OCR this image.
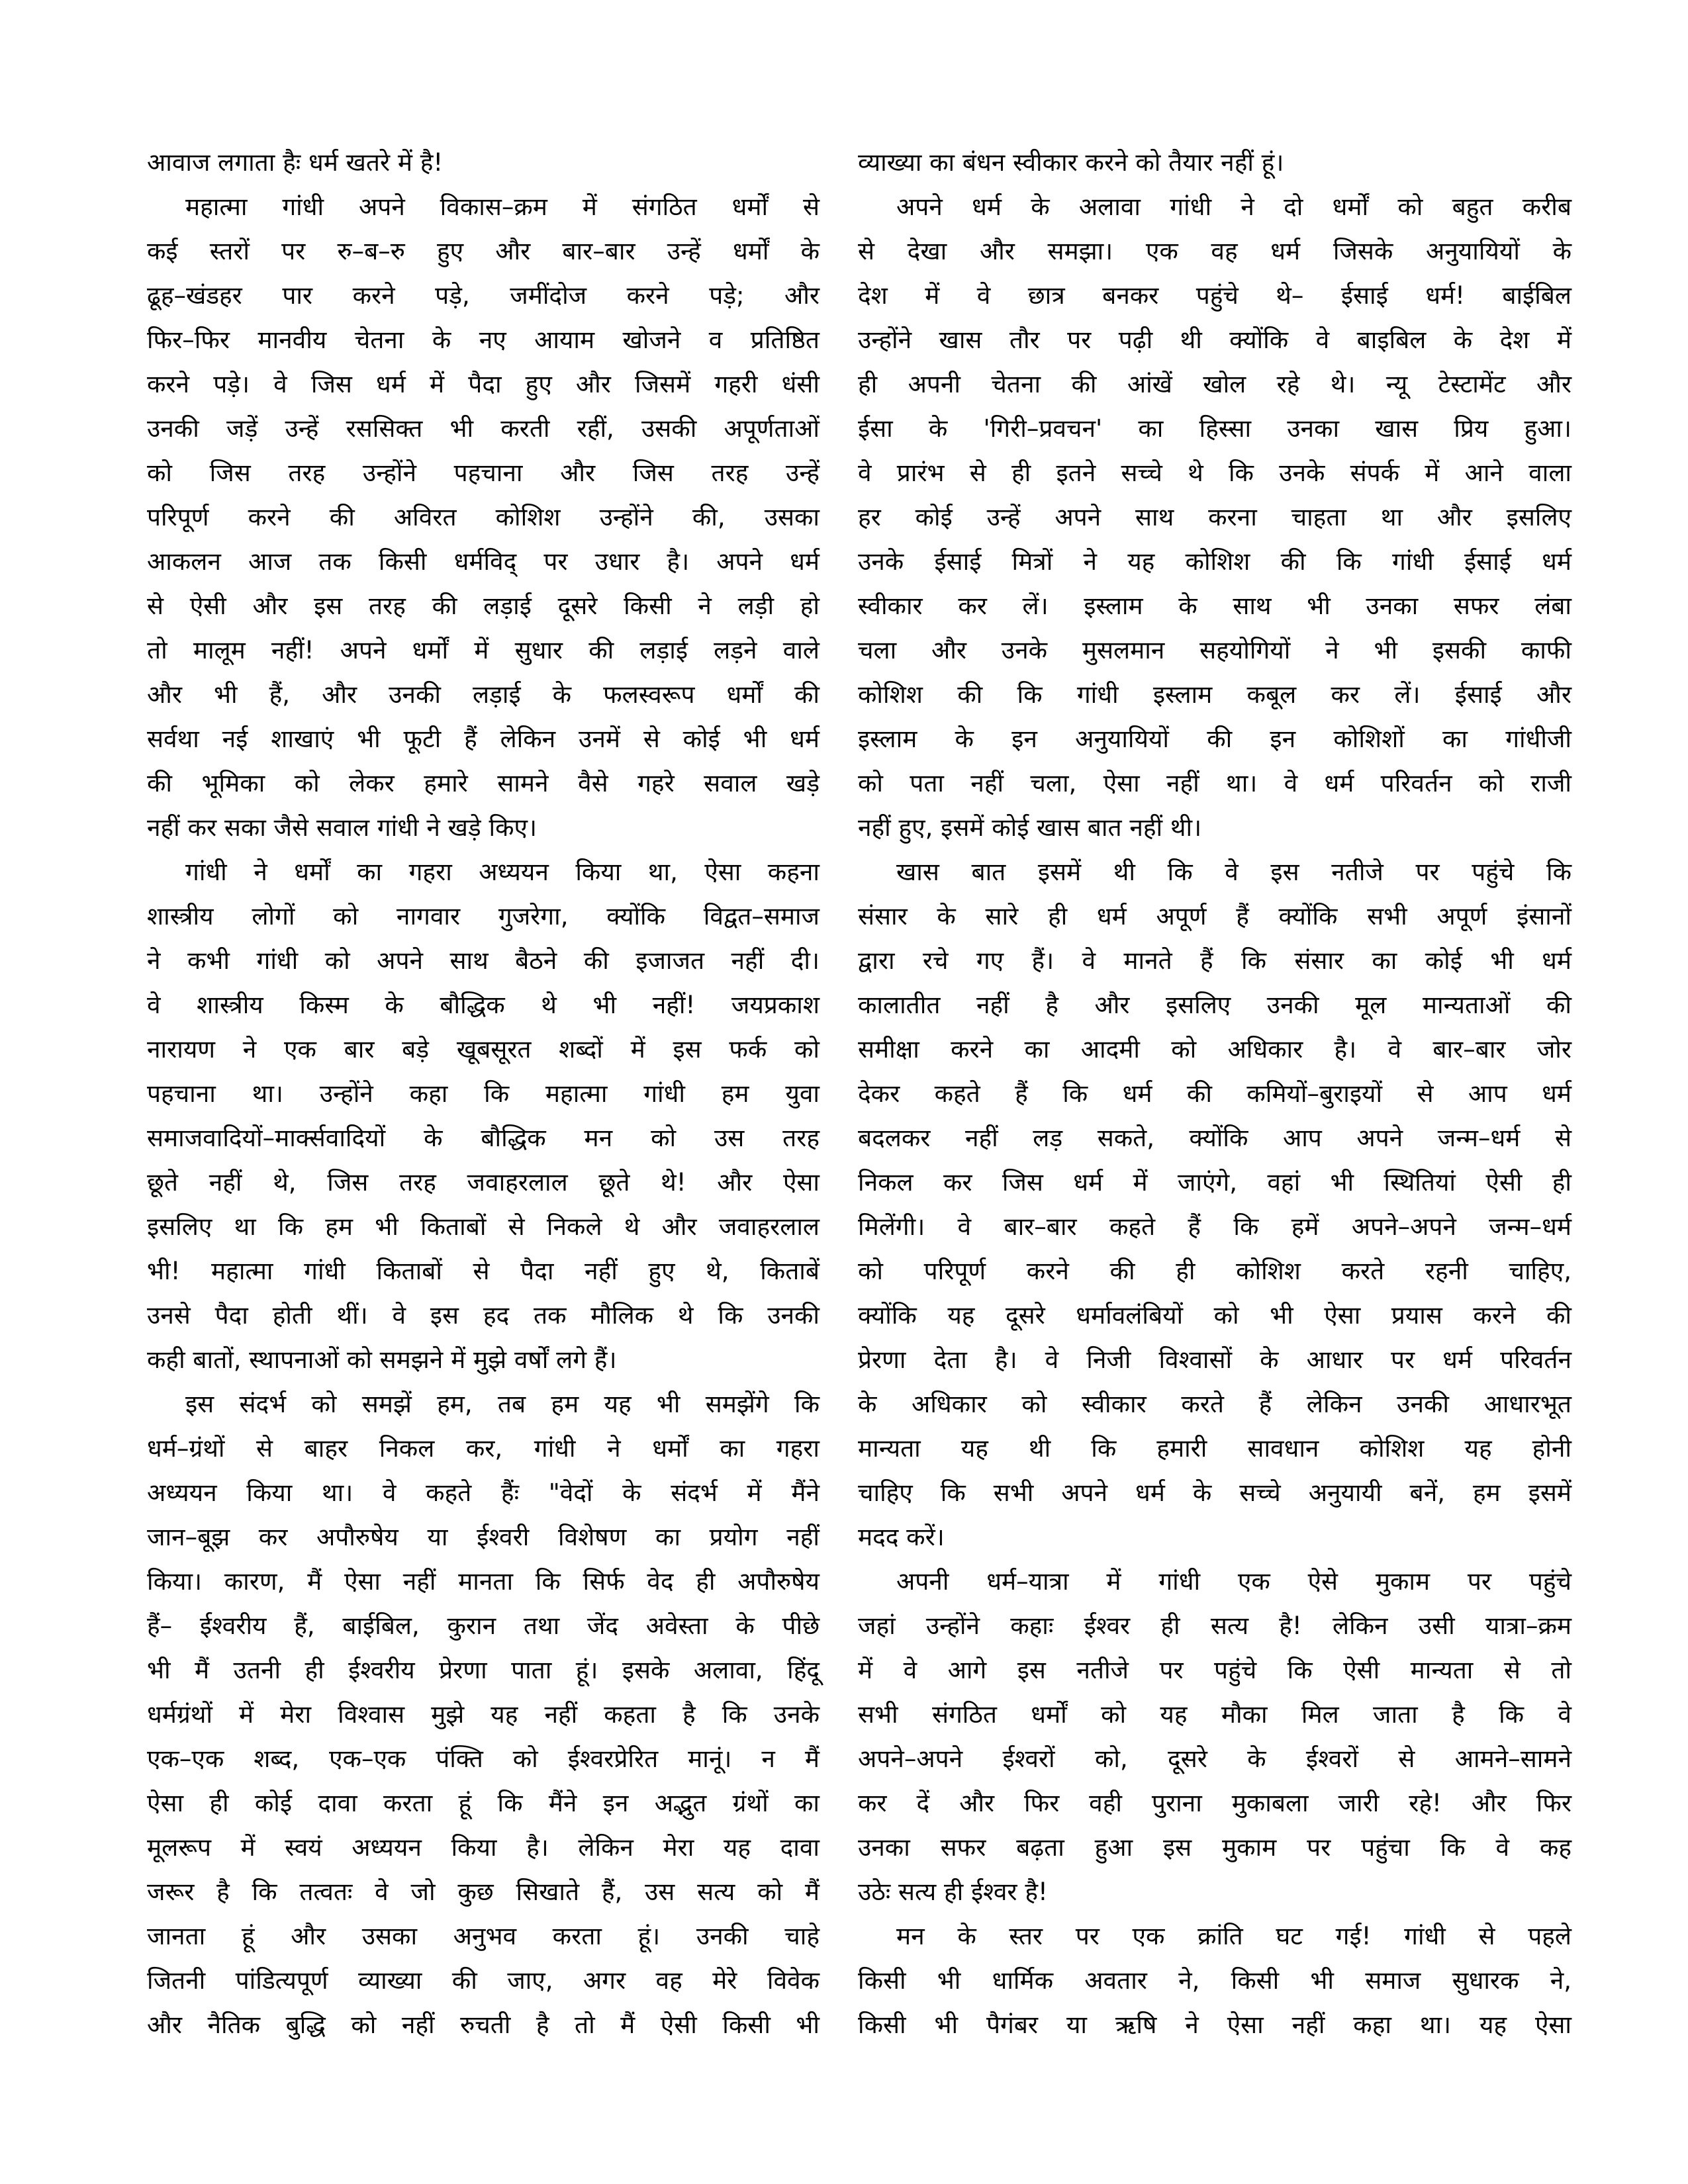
आवाज लगाता हैः धर्म खतरे में है!
महात्मा गांधी अपने विकास–क्रम में संगठित धर्मों से
कई स्तरों पर रु–ब–रु हुए और बार–बार उन्हें धर्मों के
ढूह–खंडहर पार करने पड़े, जमींदोज करने पड़े; और
फिर–फिर मानवीय चेतना के नए आयाम खोजने व प्रतिष्ठित
करने पड़े। वे जिस धर्म में पैदा हुए और जिसमें गहरी धंसी
उनकी जड़ें उन्हें रससिक्त भी करती रहीं, उसकी अपूर्णताओं
को जिस तरह उन्होंने पहचाना और जिस तरह उन्हें
परिपूर्ण करने की अविरत कोशिश उन्होंने की, उसका
आकलन आज तक किसी धर्मविद् पर उधार है। अपने धर्म
से ऐसी और इस तरह की लड़ाई दूसरे किसी ने लड़ी हो
तो मालूम नहीं! अपने धर्मों में सुधार की लड़ाई लड़ने वाले
और भी हैं, और उनकी लड़ाई के फलस्वरूप धर्मों की
सर्वथा नई शाखाएं भी फूटी हैं लेकिन उनमें से कोई भी धर्म
की भूमिका को लेकर हमारे सामने वैसे गहरे सवाल खड़े
नहीं कर सका जैसे सवाल गांधी ने खड़े किए।
गांधी ने धर्मों का गहरा अध्ययन किया था, ऐसा कहना
शास्त्रीय लोगों को नागवार गुजरेगा, क्योंकि विद्वत–समाज
ने कभी गांधी को अपने साथ बैठने की इजाजत नहीं दी।
वे शास्त्रीय किस्म के बौद्धिक थे भी नहीं! जयप्रकाश
नारायण ने एक बार बड़े खूबसूरत शब्दों में इस फर्क को
पहचाना था। उन्होंने कहा कि महात्मा गांधी हम युवा
समाजवादियों–मार्क्सवादियों के बौद्धिक मन को उस तरह
छूते नहीं थे, जिस तरह जवाहरलाल छूते थे! और ऐसा
इसलिए था कि हम भी किताबों से निकले थे और जवाहरलाल
भी! महात्मा गांधी किताबों से पैदा नहीं हुए थे, किताबें
उनसे पैदा होती थीं। वे इस हद तक मौलिक थे कि उनकी
कही बातों, स्थापनाओं को समझने में मुझे वर्षों लगे हैं।
इस संदर्भ को समझें हम, तब हम यह भी समझेंगे कि
धर्म–ग्रंथों से बाहर निकल कर, गांधी ने धर्मों का गहरा
अध्ययन किया था। वे कहते हैंः "वेदों के संदर्भ में मैंने
जान–बूझ कर अपौरुषेय या ईश्वरी विशेषण का प्रयोग नहीं
किया। कारण, मैं ऐसा नहीं मानता कि सिर्फ वेद ही अपौरुषेय
हैं– ईश्वरीय हैं, बाईबिल, कुरान तथा जेंद अवेस्ता के पीछे
भी मैं उतनी ही ईश्वरीय प्रेरणा पाता हूं। इसके अलावा, हिंदू
धर्मग्रंथों में मेरा विश्वास मुझे यह नहीं कहता है कि उनके
एक–एक शब्द, एक–एक पंक्ति को ईश्वरप्रेरित मानूं। न मैं
ऐसा ही कोई दावा करता हूं कि मैंने इन अद्भुत ग्रंथों का
मूलरूप में स्वयं अध्ययन किया है। लेकिन मेरा यह दावा
जरूर है कि तत्वतः वे जो कुछ सिखाते हैं, उस सत्य को मैं
जानता हूं और उसका अनुभव करता हूं। उनकी चाहे
जितनी पांडित्यपूर्ण व्याख्या की जाए, अगर वह मेरे विवेक
और नैतिक बुद्धि को नहीं रुचती है तो मैं ऐसी किसी भी
व्याख्या का बंधन स्वीकार करने को तैयार नहीं हूं।
अपने धर्म के अलावा गांधी ने दो धर्मों को बहुत करीब
से देखा और समझा। एक वह धर्म जिसके अनुयायियों के
देश में वे छात्र बनकर पहुंचे थे– ईसाई धर्म! बाईबिल
उन्होंने खास तौर पर पढ़ी थी क्योंकि वे बाइबिल के देश में
ही अपनी चेतना की आंखें खोल रहे थे। न्यू टेस्टामेंट और
ईसा के 'गिरी–प्रवचन' का हिस्सा उनका खास प्रिय हुआ।
वे प्रारंभ से ही इतने सच्चे थे कि उनके संपर्क में आने वाला
हर कोई उन्हें अपने साथ करना चाहता था और इसलिए
उनके ईसाई मित्रों ने यह कोशिश की कि गांधी ईसाई धर्म
स्वीकार कर लें। इस्लाम के साथ भी उनका सफर लंबा
चला और उनके मुसलमान सहयोगियों ने भी इसकी काफी
कोशिश की कि गांधी इस्लाम कबूल कर लें। ईसाई और
इस्लाम के इन अनुयायियों की इन कोशिशों का गांधीजी
को पता नहीं चला, ऐसा नहीं था। वे धर्म परिवर्तन को राजी
नहीं हुए, इसमें कोई खास बात नहीं थी।
खास बात इसमें थी कि वे इस नतीजे पर पहुंचे कि
संसार के सारे ही धर्म अपूर्ण हैं क्योंकि सभी अपूर्ण इंसानों
द्वारा रचे गए हैं। वे मानते हैं कि संसार का कोई भी धर्म
कालातीत नहीं है और इसलिए उनकी मूल मान्यताओं की
समीक्षा करने का आदमी को अधिकार है। वे बार–बार जोर
देकर कहते हैं कि धर्म की कमियों–बुराइयों से आप धर्म
बदलकर नहीं लड़ सकते, क्योंकि आप अपने जन्म–धर्म से
निकल कर जिस धर्म में जाएंगे, वहां भी स्थितियां ऐसी ही
मिलेंगी। वे बार–बार कहते हैं कि हमें अपने–अपने जन्म–धर्म
को परिपूर्ण करने की ही कोशिश करते रहनी चाहिए,
क्योंकि यह दूसरे धर्मावलंबियों को भी ऐसा प्रयास करने की
प्रेरणा देता है। वे निजी विश्वासों के आधार पर धर्म परिवर्तन
के अधिकार को स्वीकार करते हैं लेकिन उनकी आधारभूत
मान्यता यह थी कि हमारी सावधान कोशिश यह होनी
चाहिए कि सभी अपने धर्म के सच्चे अनुयायी बनें, हम इसमें
मदद करें।
अपनी धर्म–यात्रा में गांधी एक ऐसे मुकाम पर पहुंचे
जहां उन्होंने कहाः ईश्वर ही सत्य है! लेकिन उसी यात्रा–क्रम
में वे आगे इस नतीजे पर पहुंचे कि ऐसी मान्यता से तो
सभी संगठित धर्मों को यह मौका मिल जाता है कि वे
अपने–अपने ईश्वरों को, दूसरे के ईश्वरों से आमने–सामने
कर दें और फिर वही पुराना मुकाबला जारी रहे! और फिर
उनका सफर बढ़ता हुआ इस मुकाम पर पहुंचा कि वे कह
उठेः सत्य ही ईश्वर है!
मन के स्तर पर एक क्रांति घट गई! गांधी से पहले
किसी भी धार्मिक अवतार ने, किसी भी समाज सुधारक ने,
किसी भी पैगंबर या ऋषि ने ऐसा नहीं कहा था। यह ऐसा
